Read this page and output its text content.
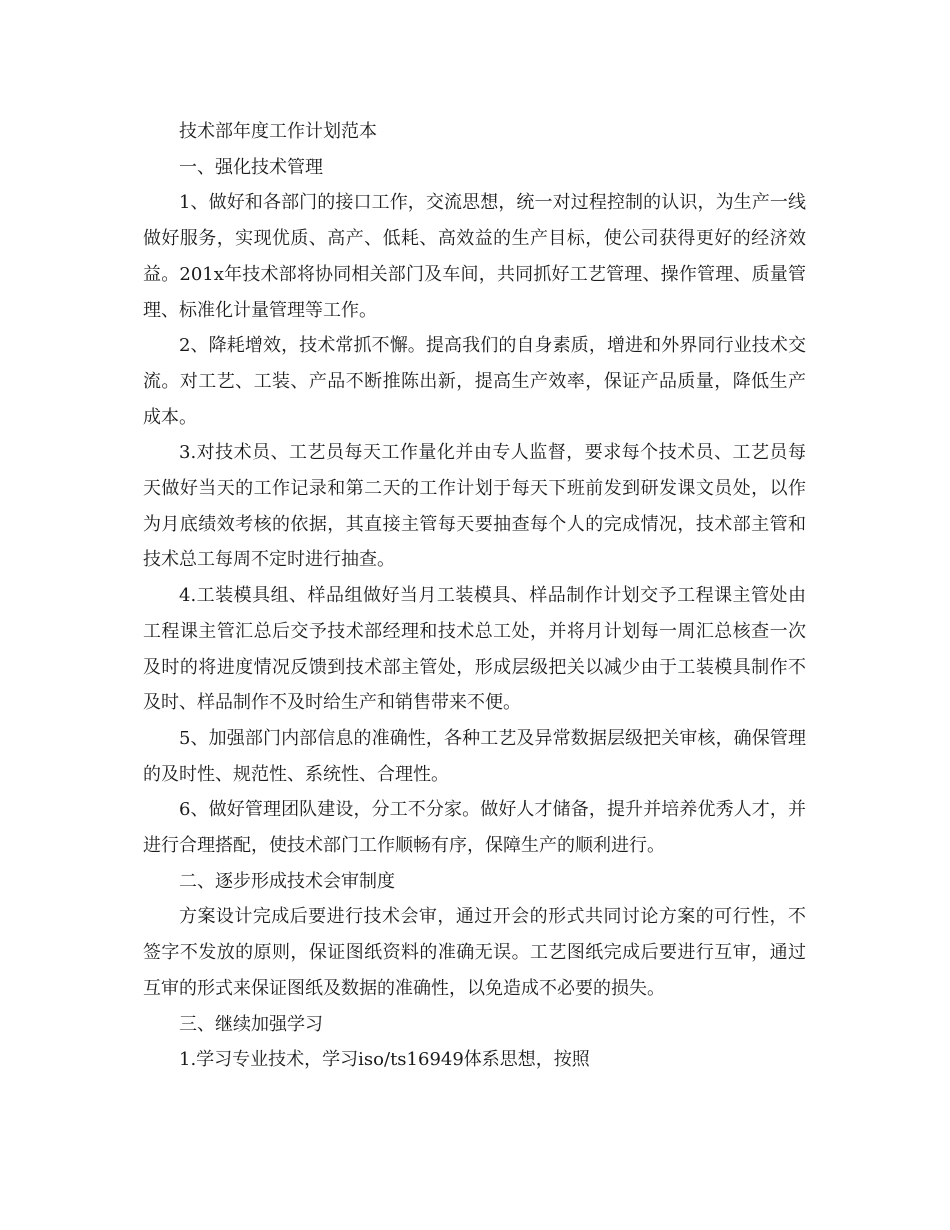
技术部年度工作计划范本

一、强化技术管理

1、做好和各部门的接口工作，交流思想，统一对过程控制的认识，为生产一线做好服务，实现优质、高产、低耗、高效益的生产目标，使公司获得更好的经济效益。201x年技术部将协同相关部门及车间，共同抓好工艺管理、操作管理、质量管理、标准化计量管理等工作。

2、降耗增效，技术常抓不懈。提高我们的自身素质，增进和外界同行业技术交流。对工艺、工装、产品不断推陈出新，提高生产效率，保证产品质量，降低生产成本。

3.对技术员、工艺员每天工作量化并由专人监督，要求每个技术员、工艺员每天做好当天的工作记录和第二天的工作计划于每天下班前发到研发课文员处，以作为月底绩效考核的依据，其直接主管每天要抽查每个人的完成情况，技术部主管和技术总工每周不定时进行抽查。

4.工装模具组、样品组做好当月工装模具、样品制作计划交予工程课主管处由工程课主管汇总后交予技术部经理和技术总工处，并将月计划每一周汇总核查一次及时的将进度情况反馈到技术部主管处，形成层级把关以减少由于工装模具制作不及时、样品制作不及时给生产和销售带来不便。

5、加强部门内部信息的准确性，各种工艺及异常数据层级把关审核，确保管理的及时性、规范性、系统性、合理性。

6、做好管理团队建设，分工不分家。做好人才储备，提升并培养优秀人才，并进行合理搭配，使技术部门工作顺畅有序，保障生产的顺利进行。

二、逐步形成技术会审制度

方案设计完成后要进行技术会审，通过开会的形式共同讨论方案的可行性，不签字不发放的原则，保证图纸资料的准确无误。工艺图纸完成后要进行互审，通过互审的形式来保证图纸及数据的准确性，以免造成不必要的损失。

三、继续加强学习

1.学习专业技术，学习iso/ts16949体系思想，按照
